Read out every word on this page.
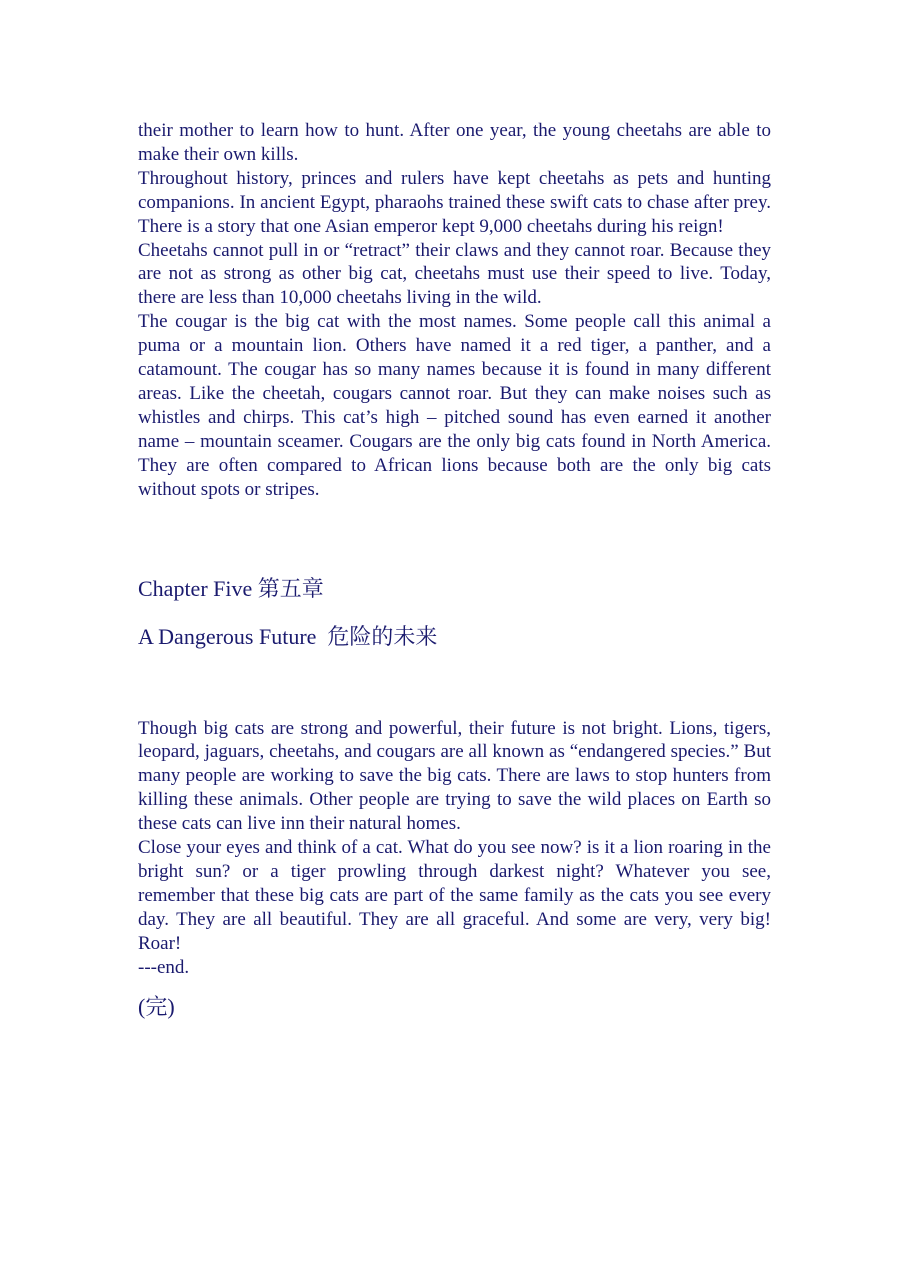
their mother to learn how to hunt. After one year, the young cheetahs are able to make their own kills.

Throughout history, princes and rulers have kept cheetahs as pets and hunting companions. In ancient Egypt, pharaohs trained these swift cats to chase after prey. There is a story that one Asian emperor kept 9,000 cheetahs during his reign!

Cheetahs cannot pull in or “retract” their claws and they cannot roar. Because they are not as strong as other big cat, cheetahs must use their speed to live. Today, there are less than 10,000 cheetahs living in the wild.

The cougar is the big cat with the most names. Some people call this animal a puma or a mountain lion. Others have named it a red tiger, a panther, and a catamount. The cougar has so many names because it is found in many different areas. Like the cheetah, cougars cannot roar. But they can make noises such as whistles and chirps. This cat’s high – pitched sound has even earned it another name – mountain sceamer. Cougars are the only big cats found in North America. They are often compared to African lions because both are the only big cats without spots or stripes.

Chapter Five 第五章
A Dangerous Future  危险的未来

Though big cats are strong and powerful, their future is not bright. Lions, tigers, leopard, jaguars, cheetahs, and cougars are all known as “endangered species.” But many people are working to save the big cats. There are laws to stop hunters from killing these animals. Other people are trying to save the wild places on Earth so these cats can live inn their natural homes.

Close your eyes and think of a cat. What do you see now? is it a lion roaring in the bright sun? or a tiger prowling through darkest night? Whatever you see, remember that these big cats are part of the same family as the cats you see every day. They are all beautiful. They are all graceful. And some are very, very big! Roar!

---end.

(完)
